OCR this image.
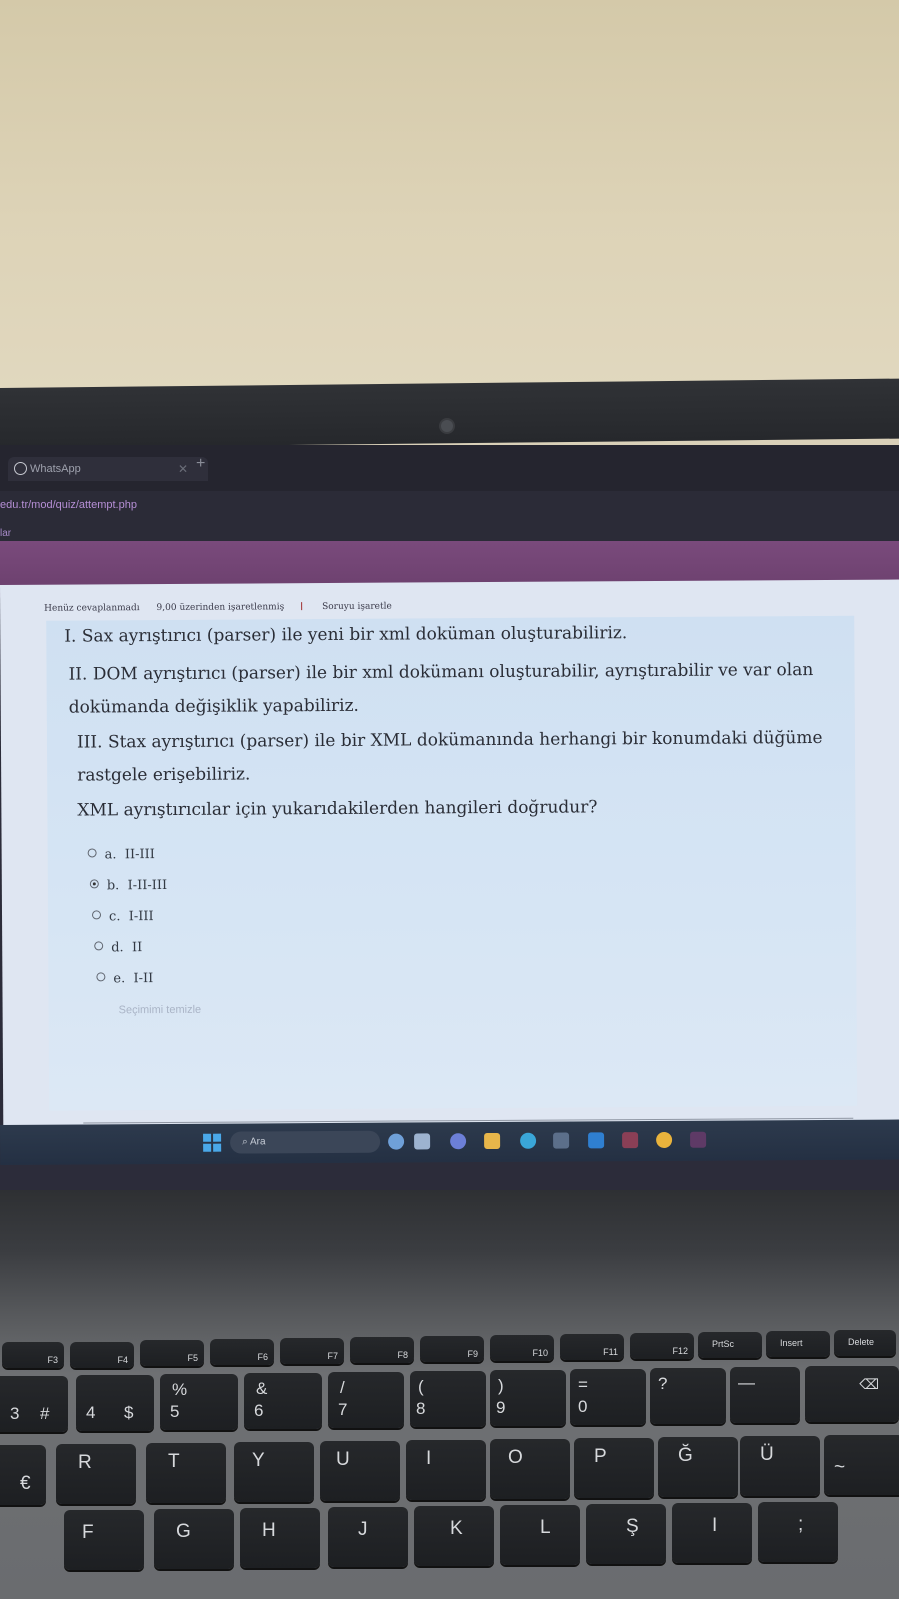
WhatsApp	✕ +
edu.tr/mod/quiz/attempt.php
lar
Henüz cevaplanmadı 9,00 üzerinden işaretlenmiş	Soruyu işaretle

I. Sax ayrıştırıcı (parser) ile yeni bir xml doküman oluşturabiliriz.

II. DOM ayrıştırıcı (parser) ile bir xml dokümanı oluşturabilir, ayrıştırabilir ve var olan dokümanda değişiklik yapabiliriz.

III. Stax ayrıştırıcı (parser) ile bir XML dokümanında herhangi bir konumdaki düğüme rastgele erişebiliriz.

XML ayrıştırıcılar için yukarıdakilerden hangileri doğrudur?

a. II-III
b. I-II-III
c. I-III
d. II
e. I-II
Seçimimi temizle
⌕ Ara
F3	F4	F5	F6	F7	F8	F9	F10	F11	F12
PrtSc	Insert	Delete
3 # 4 $ 5
%
6
&
7
/
8
(
9
)
0
=	?	—	⌫
R	T	Y	U	I	O	P	Ğ	Ü
~
€
F	G	H	J	K	L	Ş	I	;
